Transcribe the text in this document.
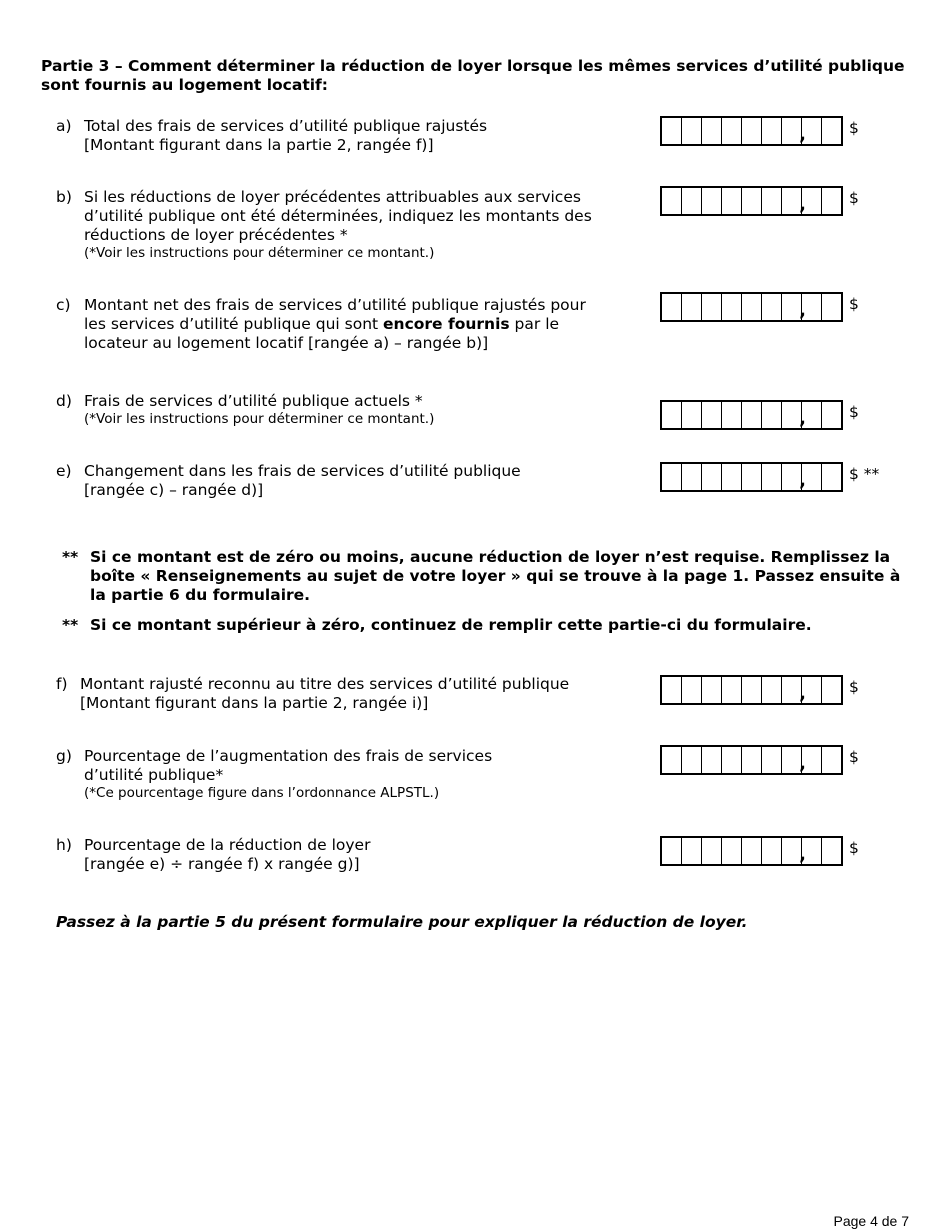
Partie 3 – Comment déterminer la réduction de loyer lorsque les mêmes services d’utilité publique sont fournis au logement locatif:
a) Total des frais de services d’utilité publique rajustés
[Montant figurant dans la partie 2, rangée f)]	,	$
b) Si les réductions de loyer précédentes attribuables aux services
d’utilité publique ont été déterminées, indiquez les montants des
réductions de loyer précédentes *
(*Voir les instructions pour déterminer ce montant.)
,	$
c) Montant net des frais de services d’utilité publique rajustés pour
les services d’utilité publique qui sont encore fournis par le
locateur au logement locatif [rangée a) – rangée b)]
,	$
d) Frais de services d’utilité publique actuels *
(*Voir les instructions pour déterminer ce montant.)	,	$
e) Changement dans les frais de services d’utilité publique
[rangée c) – rangée d)]	,	$ **
** Si ce montant est de zéro ou moins, aucune réduction de loyer n’est requise. Remplissez la boîte « Renseignements au sujet de votre loyer » qui se trouve à la page 1. Passez ensuite à la partie 6 du formulaire.
** Si ce montant supérieur à zéro, continuez de remplir cette partie-ci du formulaire.
f) Montant rajusté reconnu au titre des services d’utilité publique
[Montant figurant dans la partie 2, rangée i)]	,	$
g) Pourcentage de l’augmentation des frais de services
d’utilité publique*
(*Ce pourcentage figure dans l’ordonnance ALPSTL.)
,	$
h) Pourcentage de la réduction de loyer
[rangée e) ÷ rangée f) x rangée g)]	,	$
Passez à la partie 5 du présent formulaire pour expliquer la réduction de loyer.
Page 4 de 7
